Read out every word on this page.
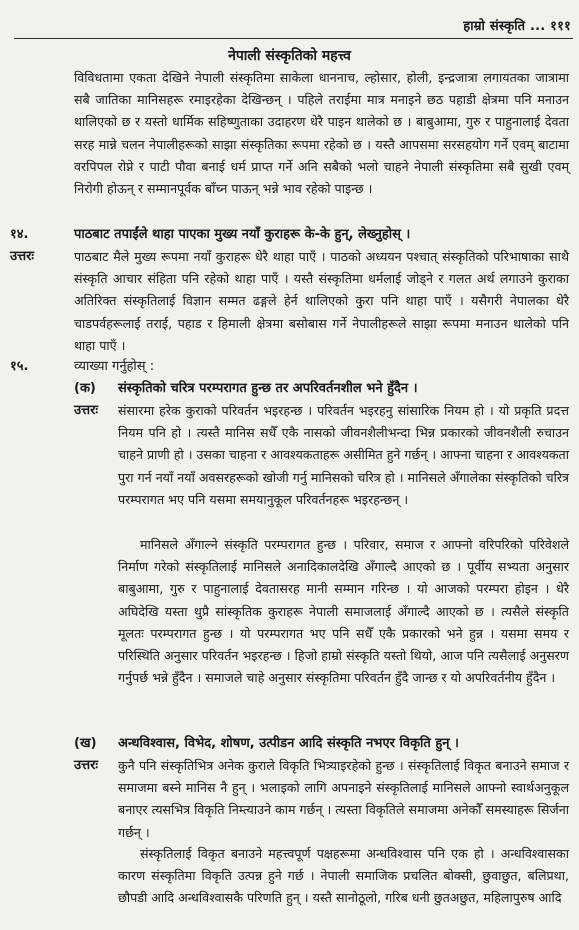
हाम्रो संस्कृति ... १११
नेपाली संस्कृतिको महत्त्व
विविधतामा एकता देखिने नेपाली संस्कृतिमा साकेला धाननाच, ल्होसार, होली, इन्द्रजात्रा लगायतका जात्रामा सबै जातिका मानिसहरू रमाइरहेका देखिन्छन् । पहिले तराईमा मात्र मनाइने छठ पहाडी क्षेत्रमा पनि मनाउन थालिएको छ र यस्तो धार्मिक सहिष्णुताका उदाहरण धेरै पाइन थालेको छ । बाबुआमा, गुरु र पाहुनालाई देवता सरह मान्ने चलन नेपालीहरूको साझा संस्कृतिका रूपमा रहेको छ । यस्तै आपसमा सरसहयोग गर्ने एवम् बाटामा वरपिपल रोप्ने र पाटी पौवा बनाई धर्म प्राप्त गर्ने अनि सबैको भलो चाहने नेपाली संस्कृतिमा सबै सुखी एवम् निरोगी होऊन् र सम्मानपूर्वक बाँच्न पाऊन् भन्ने भाव रहेको पाइन्छ ।
१४.	पाठबाट तपाईंले थाहा पाएका मुख्य नयाँ कुराहरू के-के हुन्, लेख्नुहोस् ।
उत्तरः	पाठबाट मैले मुख्य रूपमा नयाँ कुराहरू धेरै थाहा पाएँ । पाठको अध्ययन पश्चात् संस्कृतिको परिभाषाका साथै संस्कृति आचार संहिता पनि रहेको थाहा पाएँ । यस्तै संस्कृतिमा धर्मलाई जोड्ने र गलत अर्थ लगाउने कुराका अतिरिक्त संस्कृतिलाई विज्ञान सम्मत ढङ्गले हेर्न थालिएको कुरा पनि थाहा पाएँ । यसैगरी नेपालका धेरै चाडपर्वहरूलाई तराई, पहाड र हिमाली क्षेत्रमा बसोबास गर्ने नेपालीहरूले साझा रूपमा मनाउन थालेको पनि थाहा पाएँ ।
१५.	व्याख्या गर्नुहोस् :
(क) संस्कृतिको चरित्र परम्परागत हुन्छ तर अपरिवर्तनशील भने हुँदैन ।
उत्तरः संसारमा हरेक कुराको परिवर्तन भइरहन्छ । परिवर्तन भइरहनु सांसारिक नियम हो । यो प्रकृति प्रदत्त नियम पनि हो । त्यस्तै मानिस सधैँ एकै नासको जीवनशैलीभन्दा भिन्न प्रकारको जीवनशैली रुचाउन चाहने प्राणी हो । उसका चाहना र आवश्यकताहरू असीमित हुने गर्छन् । आफ्ना चाहना र आवश्यकता पुरा गर्न नयाँ नयाँ अवसरहरूको खोजी गर्नु मानिसको चरित्र हो । मानिसले अँगालेका संस्कृतिको चरित्र परम्परागत भए पनि यसमा समयानुकूल परिवर्तनहरू भइरहन्छन् ।
मानिसले अँगाल्ने संस्कृति परम्परागत हुन्छ । परिवार, समाज र आफ्नो वरिपरिको परिवेशले निर्माण गरेको संस्कृतिलाई मानिसले अनादिकालदेखि अँगाल्दै आएको छ । पूर्वीय सभ्यता अनुसार बाबुआमा, गुरु र पाहुनालाई देवतासरह मानी सम्मान गरिन्छ । यो आजको परम्परा होइन । धेरै अघिदेखि यस्ता थुप्रै सांस्कृतिक कुराहरू नेपाली समाजलाई अँगाल्दै आएको छ । त्यसैले संस्कृति मूलतः परम्परागत हुन्छ । यो परम्परागत भए पनि सधैँ एकै प्रकारको भने हुन्न । यसमा समय र परिस्थिति अनुसार परिवर्तन भइरहन्छ । हिजो हाम्रो संस्कृति यस्तो थियो, आज पनि त्यसैलाई अनुसरण गर्नुपर्छ भन्ने हुँदैन । समाजले चाहे अनुसार संस्कृतिमा परिवर्तन हुँदै जान्छ र यो अपरिवर्तनीय हुँदैन ।
(ख) अन्धविश्वास, विभेद, शोषण, उत्पीडन आदि संस्कृति नभएर विकृति हुन् ।
उत्तरः कुनै पनि संस्कृतिभित्र अनेक कुराले विकृति भित्र्याइरहेको हुन्छ । संस्कृतिलाई विकृत बनाउने समाज र समाजमा बस्ने मानिस नै हुन् । भलाइको लागि अपनाइने संस्कृतिलाई मानिसले आफ्नो स्वार्थअनुकूल बनाएर त्यसभित्र विकृति निम्त्याउने काम गर्छन् । त्यस्ता विकृतिले समाजमा अनेकौँ समस्याहरू सिर्जना गर्छन् ।
संस्कृतिलाई विकृत बनाउने महत्त्वपूर्ण पक्षहरूमा अन्धविश्वास पनि एक हो । अन्धविश्वासका कारण संस्कृतिमा विकृति उत्पन्न हुने गर्छ । नेपाली समाजिक प्रचलित बोक्सी, छुवाछुत, बलिप्रथा, छौपडी आदि अन्धविश्वासकै परिणति हुन् । यस्तै सानोठूलो, गरिब धनी छुतअछुत, महिलापुरुष आदि
